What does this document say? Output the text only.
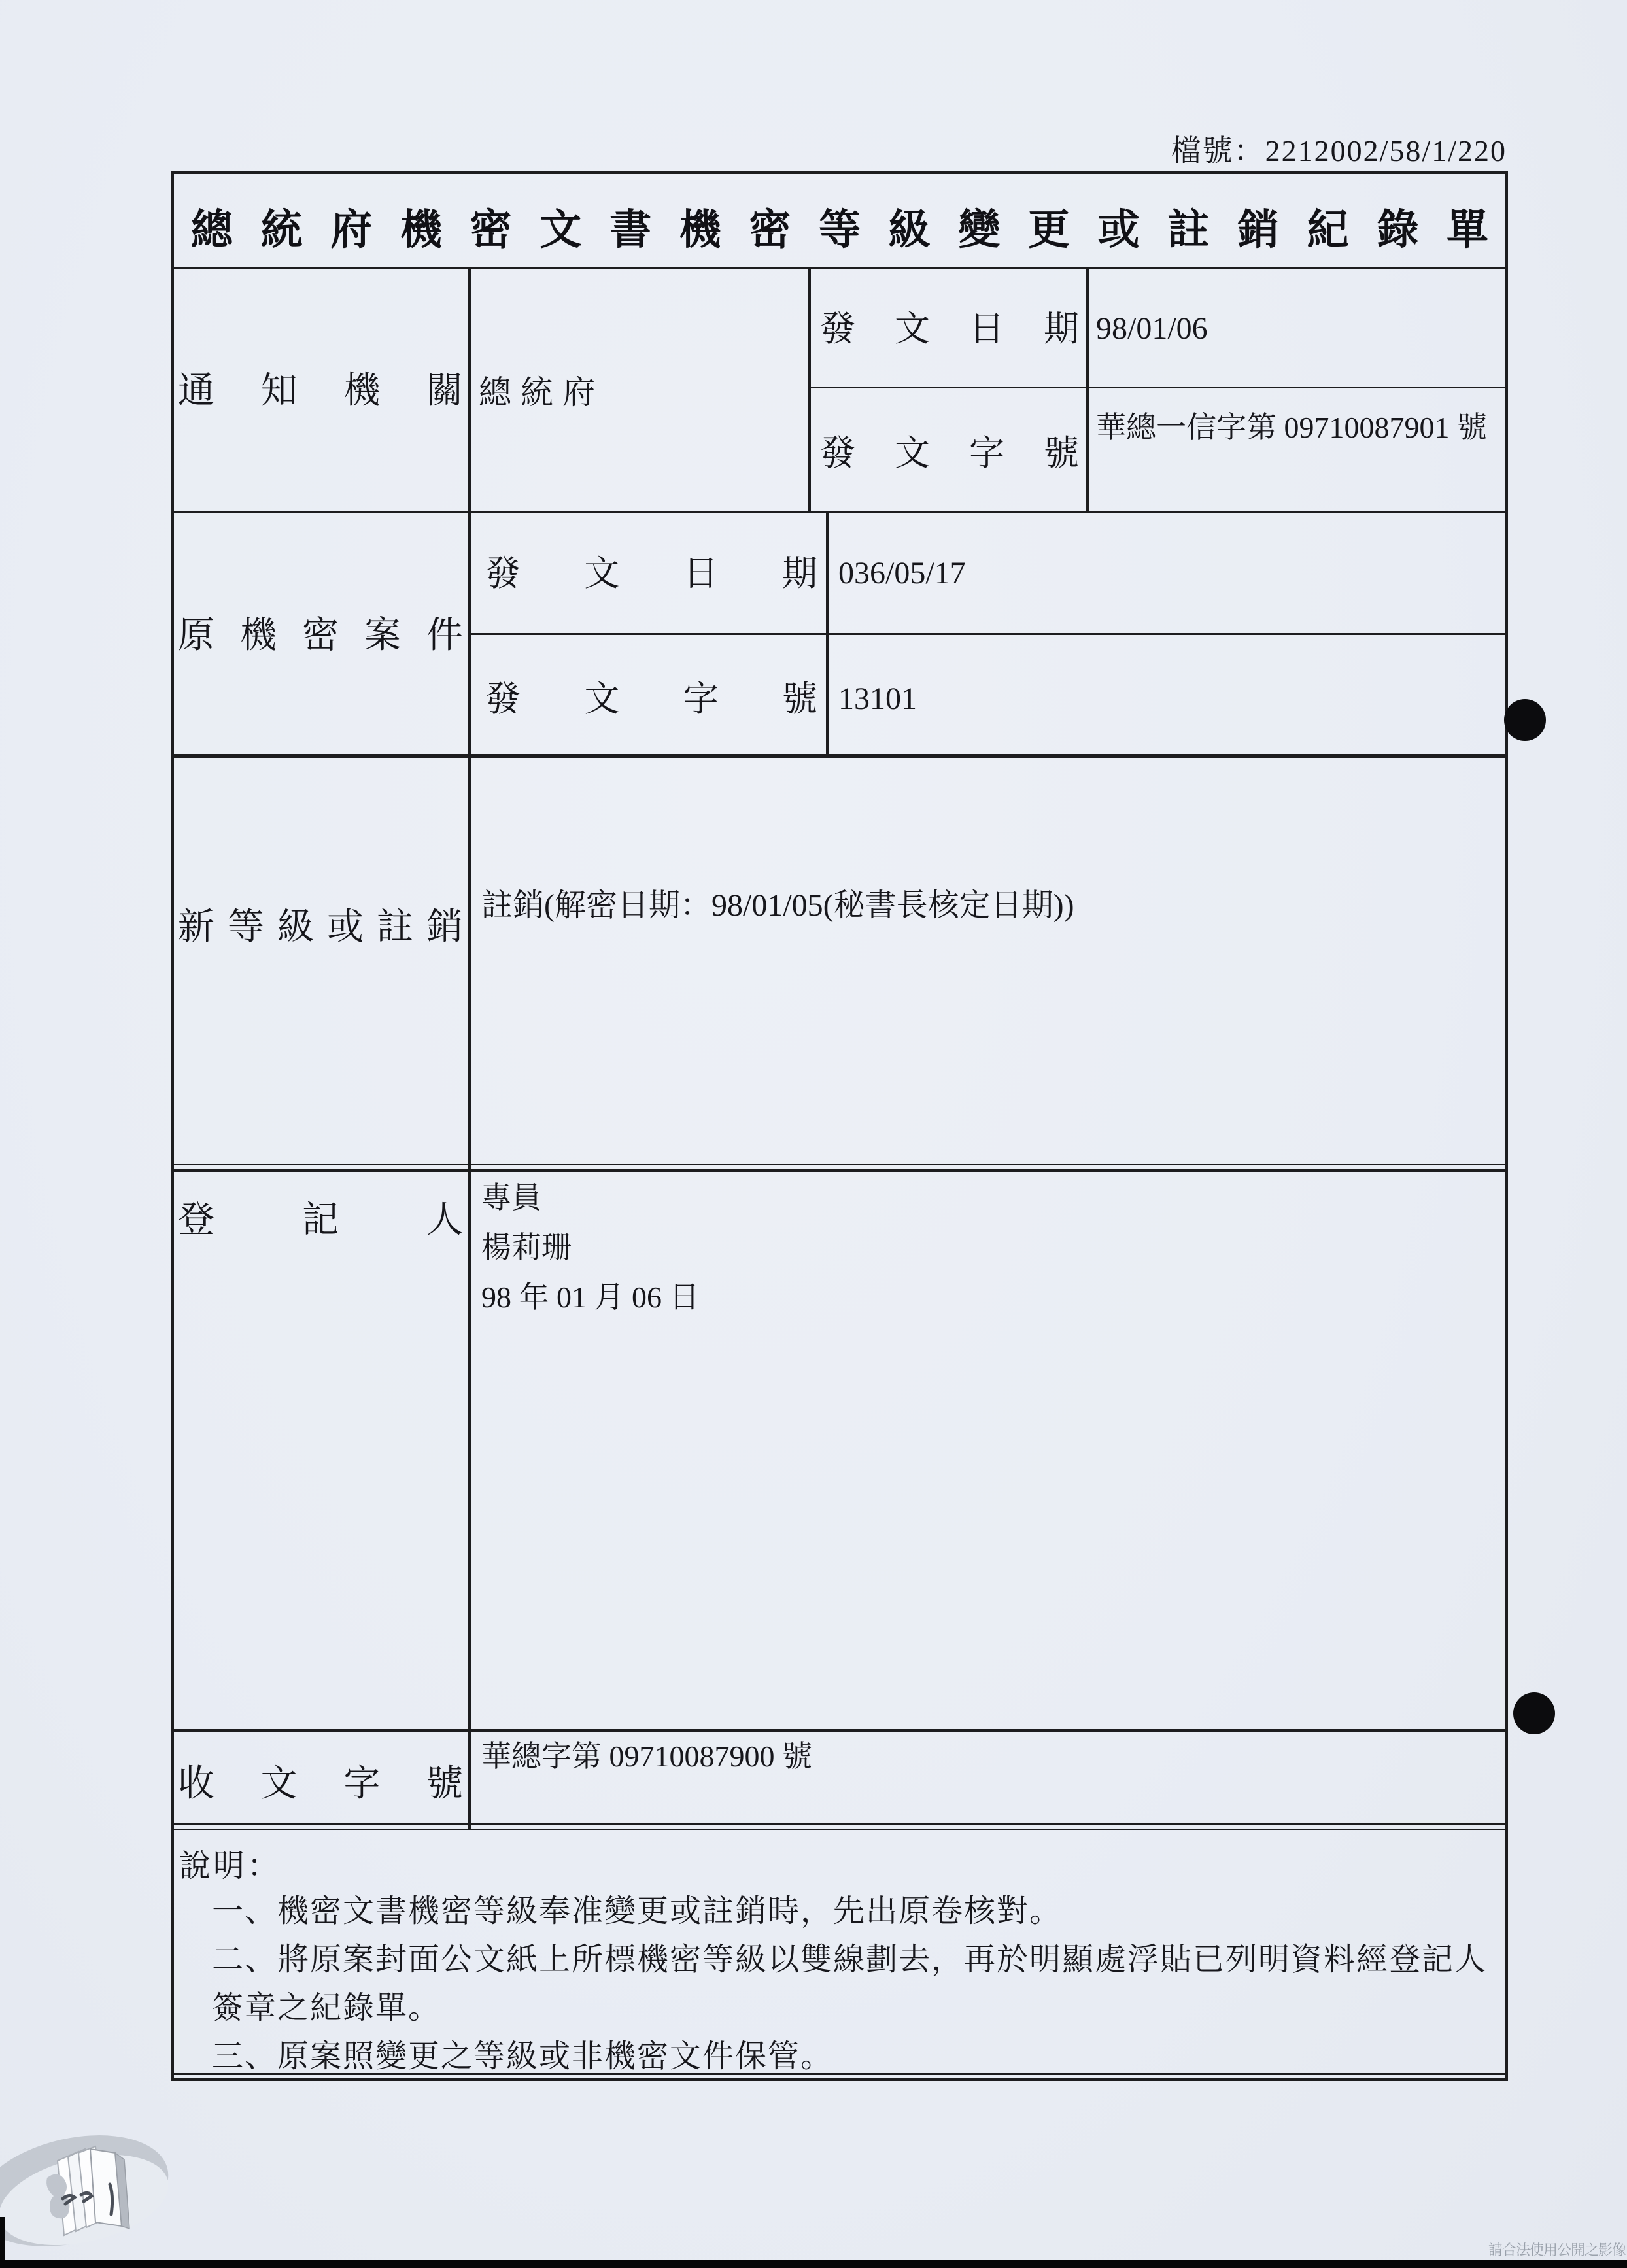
檔號：2212002/58/1/220
總統府機密文書機密等級變更或註銷紀錄單
通知機關 總統府
發文日期 98/01/06
發文字號
華總一信字第 09710087901 號
原機密案件
發文日期 036/05/17
發文字號 13101
新等級或註銷
註銷(解密日期：98/01/05(秘書長核定日期))
登記人
專員
楊莉珊
98 年 01 月 06 日
收文字號
華總字第 09710087900 號
說明：
一、機密文書機密等級奉准變更或註銷時，先出原卷核對。
二、將原案封面公文紙上所標機密等級以雙線劃去，再於明顯處浮貼已列明資料經登記人簽章之紀錄單。
三、原案照變更之等級或非機密文件保管。
請合法使用公開之影像
